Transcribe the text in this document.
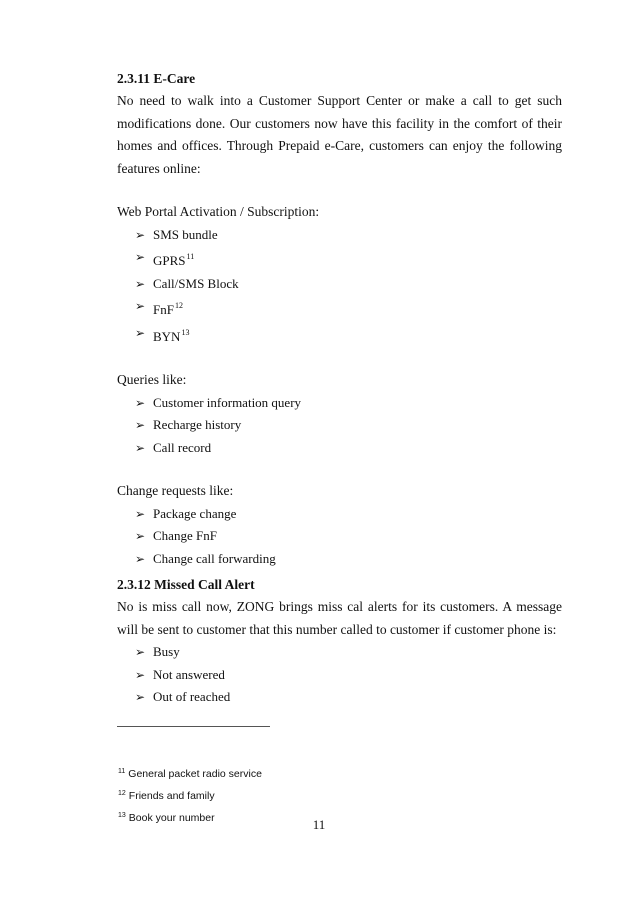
2.3.11 E-Care

No need to walk into a Customer Support Center or make a call to get such modifications done. Our customers now have this facility in the comfort of their homes and offices. Through Prepaid e-Care, customers can enjoy the following features online:

Web Portal Activation / Subscription:

➢ SMS bundle
➢ GPRS$^{11}$
➢ Call/SMS Block
➢ FnF$^{12}$
➢ BYN$^{13}$

Queries like:

➢ Customer information query
➢ Recharge history
➢ Call record

Change requests like:

➢ Package change
➢ Change FnF
➢ Change call forwarding

2.3.12 Missed Call Alert

No is miss call now, ZONG brings miss cal alerts for its customers. A message will be sent to customer that this number called to customer if customer phone is:

➢ Busy
➢ Not answered
➢ Out of reached
$^{11}$ General packet radio service
$^{12}$ Friends and family
$^{13}$ Book your number	11
